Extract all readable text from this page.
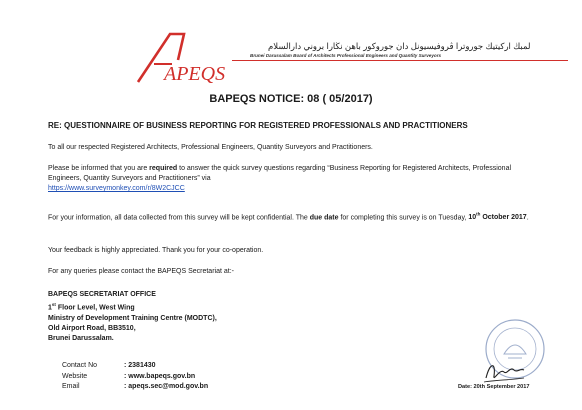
APEQS
لمبڬ اركيتيك جوروترا ڤروفيسيونل دان جوروكور باهن نڬارا بروني دارالسلام
Brunei Darussalam Board of Architects Professional Engineers and Quantity Surveyors
BAPEQS NOTICE: 08 ( 05/2017)
RE: QUESTIONNAIRE OF BUSINESS REPORTING FOR REGISTERED PROFESSIONALS AND PRACTITIONERS
To all our respected Registered Architects, Professional Engineers, Quantity Surveyors and Practitioners.
Please be informed that you are required to answer the quick survey questions regarding “Business Reporting for Registered Architects, Professional Engineers, Quantity Surveyors and Practitioners” via
https://www.surveymonkey.com/r/8W2CJCC
For your information, all data collected from this survey will be kept confidential. The due date for completing this survey is on Tuesday, 10th October 2017.
Your feedback is highly appreciated. Thank you for your co-operation.
For any queries please contact the BAPEQS Secretariat at:-
BAPEQS SECRETARIAT OFFICE
1st Floor Level, West Wing
Ministry of Development Training Centre (MODTC),
Old Airport Road, BB3510,
Brunei Darussalam.
Contact No	: 2381430
Website	: www.bapeqs.gov.bn
Email	: apeqs.sec@mod.gov.bn	Date: 20th September 2017
